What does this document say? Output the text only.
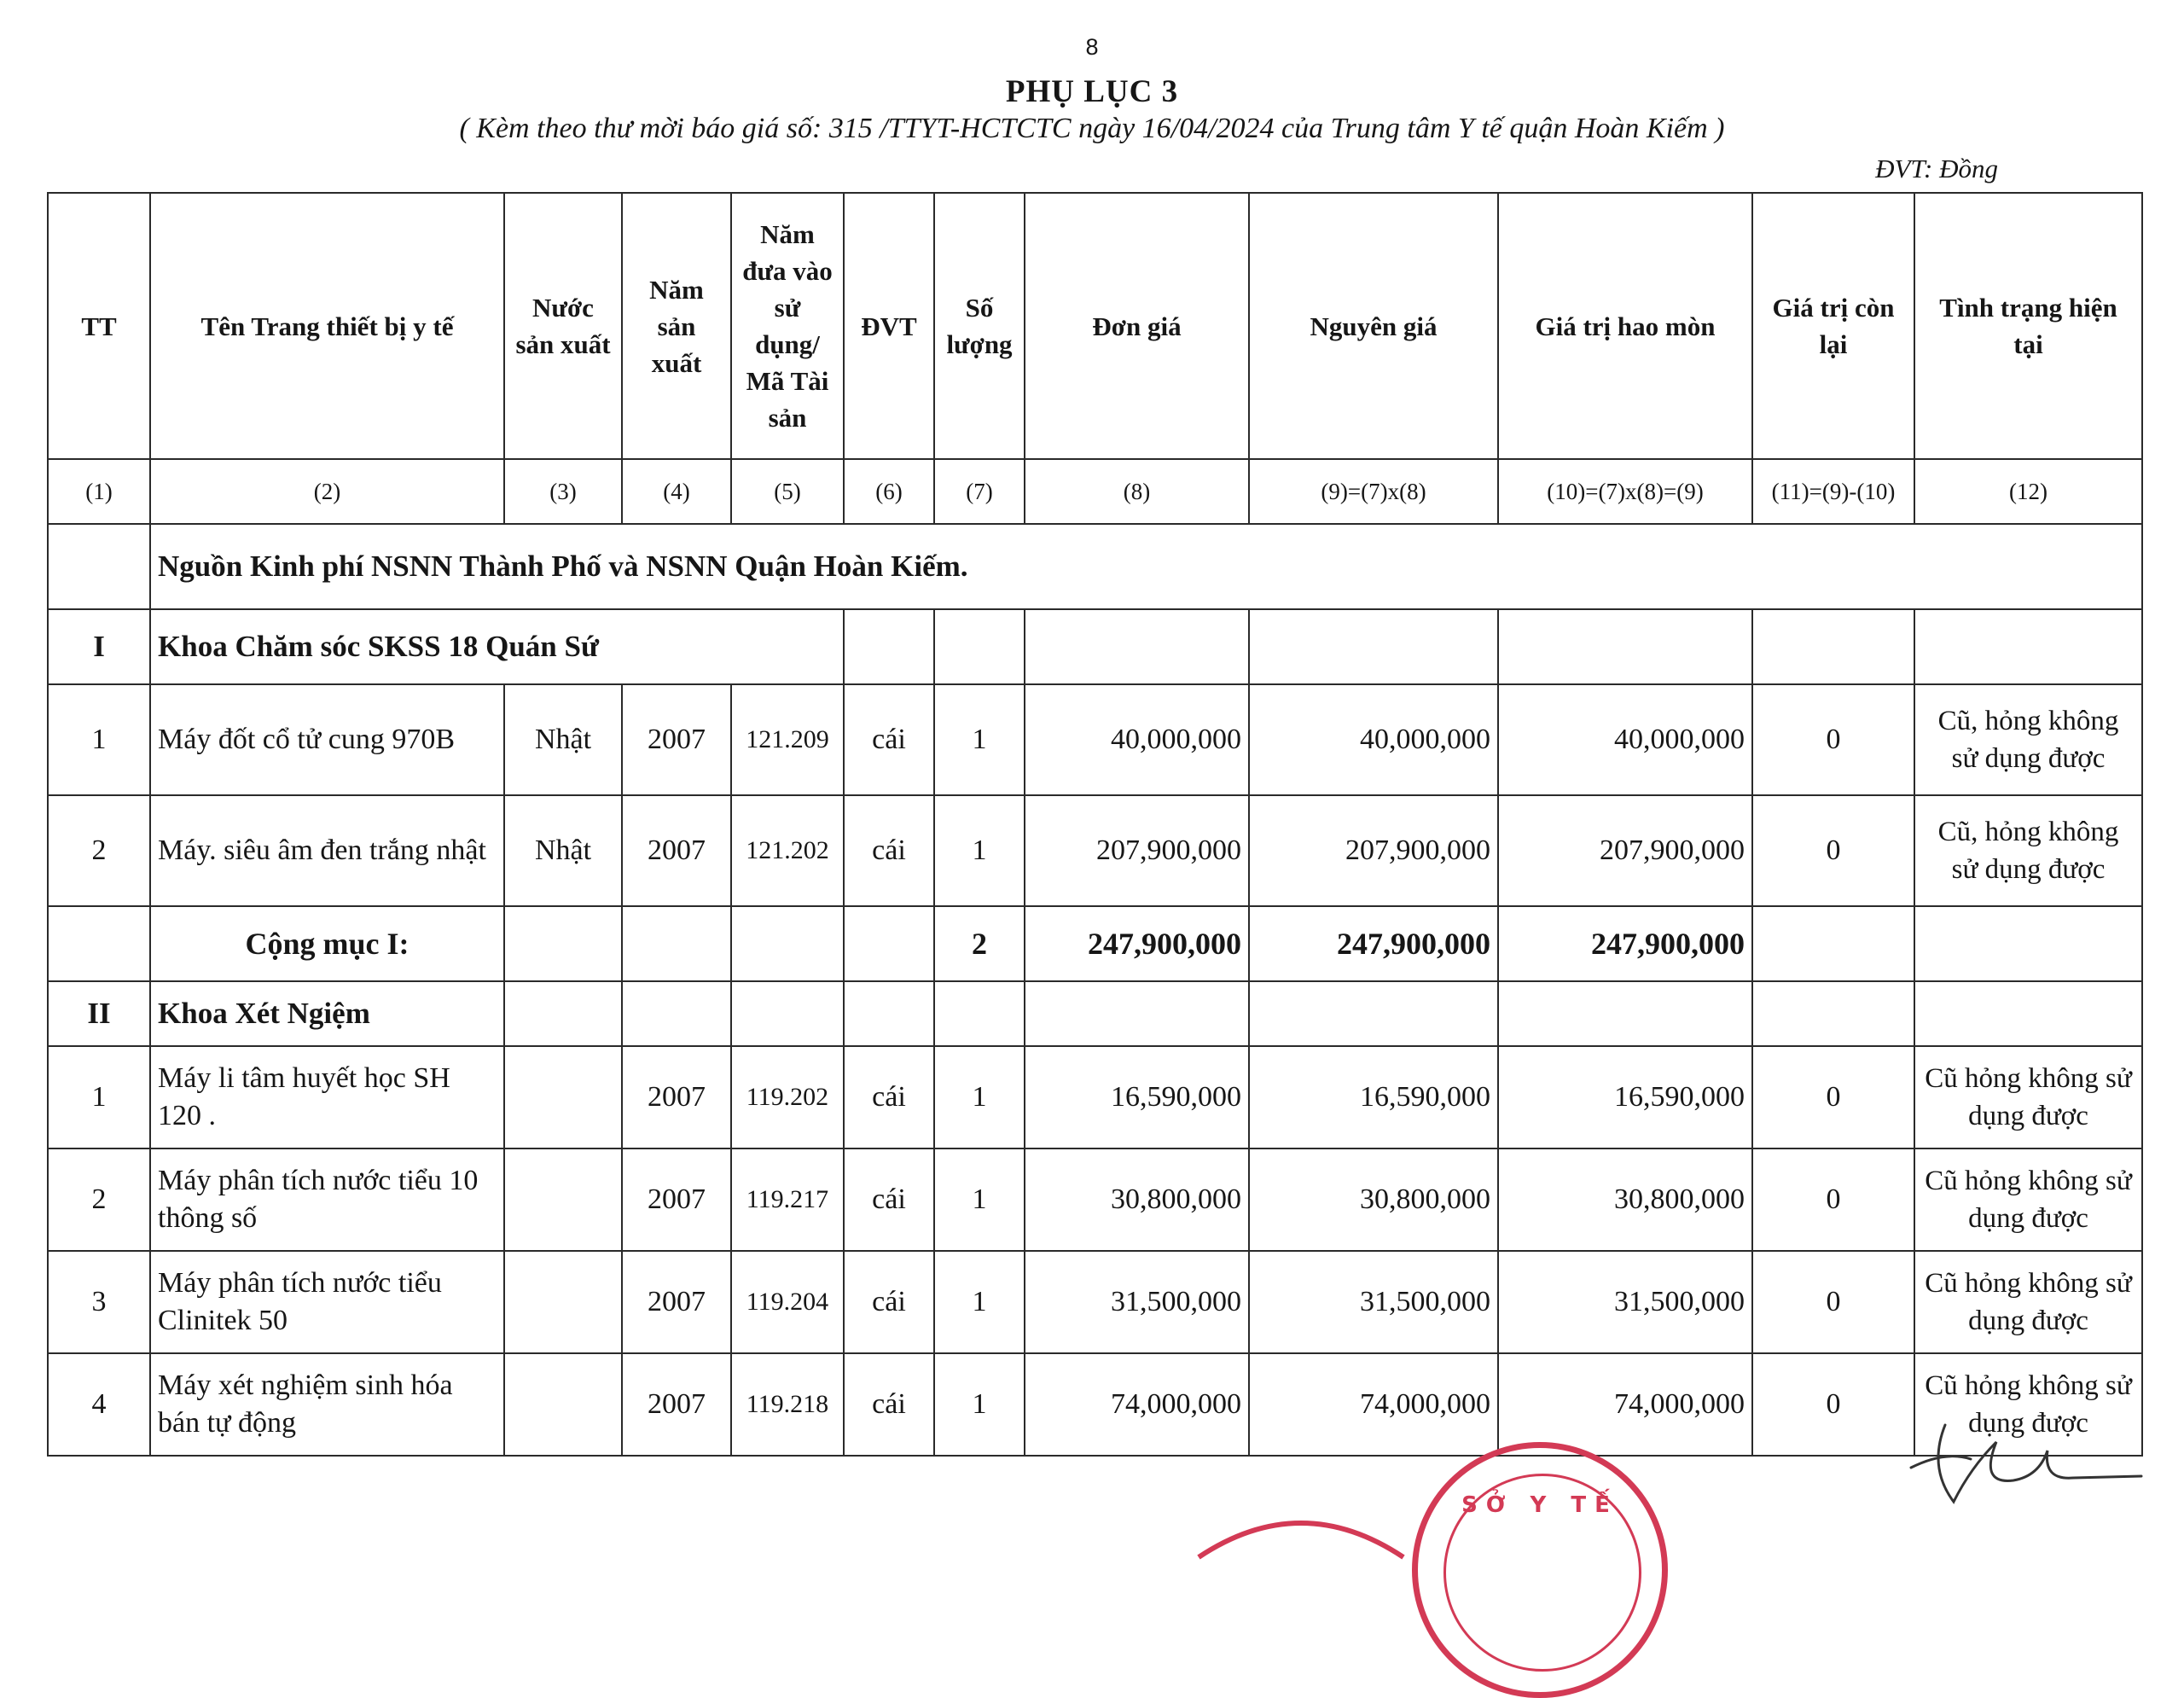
8
PHỤ LỤC 3
( Kèm theo thư mời báo giá số: 315 /TTYT-HCTCTC ngày 16/04/2024 của Trung tâm Y tế quận Hoàn Kiếm )
ĐVT: Đồng
TT	Tên Trang thiết bị y tế	Nước sản xuất	Năm sản xuất	Năm đưa vào sử dụng/ Mã Tài sản	ĐVT	Số lượng	Đơn giá	Nguyên giá	Giá trị hao mòn	Giá trị còn lại	Tình trạng hiện tại
(1)	(2)	(3)	(4)	(5)	(6)	(7)	(8)	(9)=(7)x(8)	(10)=(7)x(8)=(9)	(11)=(9)-(10)	(12)
	Nguồn Kinh phí NSNN Thành Phố và NSNN Quận Hoàn Kiếm.										
I	Khoa Chăm sóc SKSS 18 Quán Sứ										
1	Máy đốt cổ tử cung 970B	Nhật	2007	121.209	cái	1	40,000,000	40,000,000	40,000,000	0	Cũ, hỏng không sử dụng được
2	Máy. siêu âm đen trắng nhật	Nhật	2007	121.202	cái	1	207,900,000	207,900,000	207,900,000	0	Cũ, hỏng không sử dụng được
	Cộng mục I:					2	247,900,000	247,900,000	247,900,000		
II	Khoa Xét Ngiệm										
1	Máy li tâm huyết học SH 120 .		2007	119.202	cái	1	16,590,000	16,590,000	16,590,000	0	Cũ hỏng không sử dụng được
2	Máy phân tích nước tiểu 10 thông số		2007	119.217	cái	1	30,800,000	30,800,000	30,800,000	0	Cũ hỏng không sử dụng được
3	Máy phân tích nước tiểu Clinitek 50		2007	119.204	cái	1	31,500,000	31,500,000	31,500,000	0	Cũ hỏng không sử dụng được
4	Máy xét nghiệm sinh hóa bán tự động		2007	119.218	cái	1	74,000,000	74,000,000	74,000,000	0	Cũ hỏng không sử dụng được
SỞ Y TẾ
